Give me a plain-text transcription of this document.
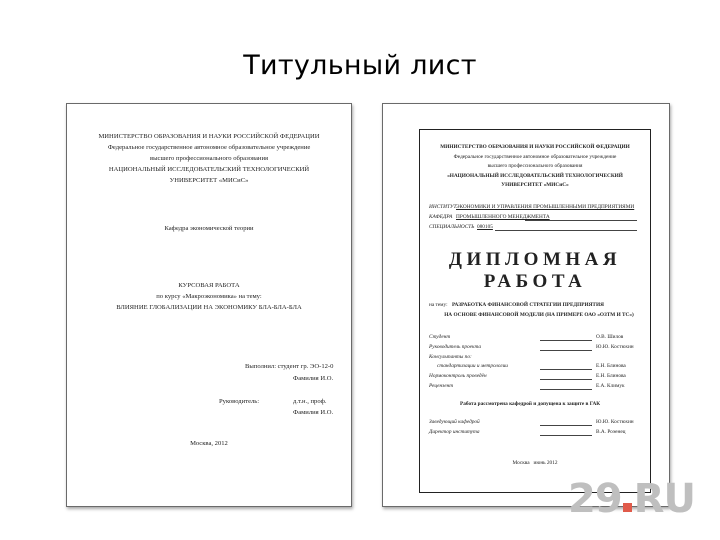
Титульный лист
МИНИСТЕРСТВО ОБРАЗОВАНИЯ И НАУКИ РОССИЙСКОЙ ФЕДЕРАЦИИ
Федеральное государственное автономное образовательное учреждение
высшего профессионального образования
НАЦИОНАЛЬНЫЙ ИССЛЕДОВАТЕЛЬСКИЙ ТЕХНОЛОГИЧЕСКИЙ
УНИВЕРСИТЕТ «МИСиС»
Кафедра экономической теории
КУРСОВАЯ РАБОТА
по курсу «Макроэкономика» на тему:
ВЛИЯНИЕ ГЛОБАЛИЗАЦИИ НА ЭКОНОМИКУ БЛА-БЛА-БЛА
Выполнил: студент гр. ЭО-12-0
Фамилия И.О.
Руководитель:	д.т.н., проф.
Фамилия И.О.
Москва, 2012
МИНИСТЕРСТВО ОБРАЗОВАНИЯ И НАУКИ РОССИЙСКОЙ ФЕДЕРАЦИИ
Федеральное государственное автономное образовательное учреждение
высшего профессионального образования
«НАЦИОНАЛЬНЫЙ ИССЛЕДОВАТЕЛЬСКИЙ ТЕХНОЛОГИЧЕСКИЙ
УНИВЕРСИТЕТ «МИСиС»
ИНСТИТУТ ЭКОНОМИКИ И УПРАВЛЕНИЯ ПРОМЫШЛЕННЫМИ ПРЕДПРИЯТИЯМИ
КАФЕДРА ПРОМЫШЛЕННОГО МЕНЕДЖМЕНТА
СПЕЦИАЛЬНОСТЬ 080105
ДИПЛОМНАЯ
РАБОТА
на тему: РАЗРАБОТКА ФИНАНСОВОЙ СТРАТЕГИИ ПРЕДПРИЯТИЯ
НА ОСНОВЕ ФИНАНСОВОЙ МОДЕЛИ (НА ПРИМЕРЕ ОАО «ОЗТМ И ТС»)
Студент	О.В. Шилов
Руководитель проекта	Ю.Ю. Костюхин
Консультанты по:
стандартизации и метрологии	Е.Н. Блинова
Нормоконтроль проведён	Е.Н. Блинова
Рецензент	Е.А. Климук
Работа рассмотрена кафедрой и допущена к защите в ГАК
Заведующий кафедрой	Ю.Ю. Костюхин
Директор института	В.А. Роэенец
Москва   июнь 2012
29 RU
